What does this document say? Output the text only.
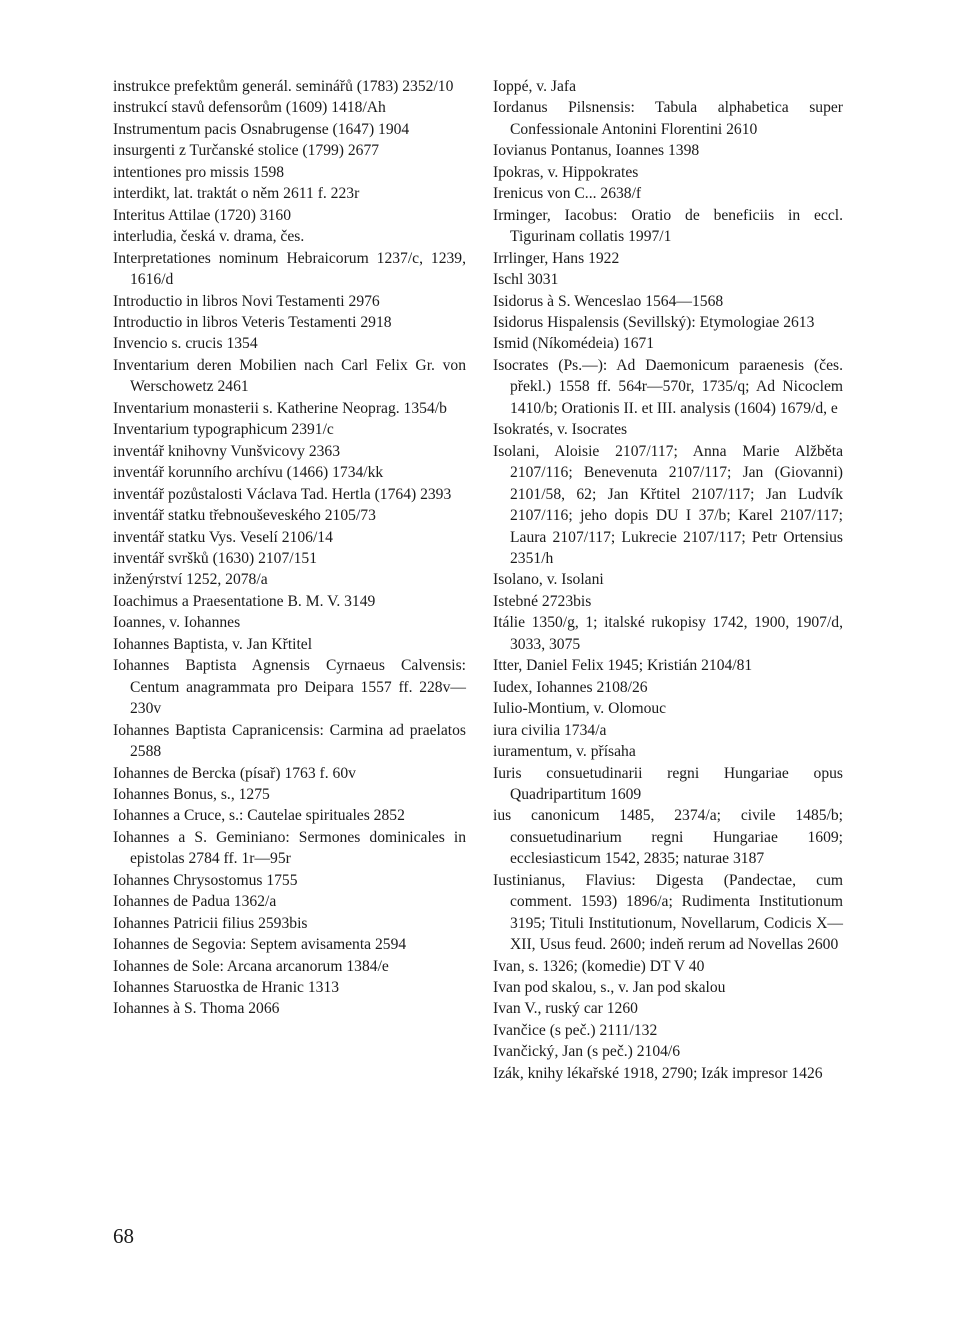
instrukce prefektům generál. seminářů (1783) 2352/10

instrukcí stavů defensorům (1609) 1418/Ah

Instrumentum pacis Osnabrugense (1647) 1904

insurgenti z Turčanské stolice (1799) 2677

intentiones pro missis 1598

interdikt, lat. traktát o něm 2611 f. 223r

Interitus Attilae (1720) 3160

interludia, česká v. drama, čes.

Interpretationes nominum Hebraicorum 1237/c, 1239, 1616/d

Introductio in libros Novi Testamenti 2976

Introductio in libros Veteris Testamenti 2918

Invencio s. crucis 1354

Inventarium deren Mobilien nach Carl Felix Gr. von Werschowetz 2461

Inventarium monasterii s. Katherine Neoprag. 1354/b

Inventarium typographicum 2391/c

inventář knihovny Vunšvicovy 2363

inventář korunního archívu (1466) 1734/kk

inventář pozůstalosti Václava Tad. Hertla (1764) 2393

inventář statku třebnouševeského 2105/73

inventář statku Vys. Veselí 2106/14

inventář svršků (1630) 2107/151

inženýrství 1252, 2078/a

Ioachimus a Praesentatione B. M. V. 3149

Ioannes, v. Iohannes

Iohannes Baptista, v. Jan Křtitel

Iohannes Baptista Agnensis Cyrnaeus Calvensis: Centum anagrammata pro Deipara 1557 ff. 228v—230v

Iohannes Baptista Capranicensis: Carmina ad praelatos 2588

Iohannes de Bercka (písař) 1763 f. 60v

Iohannes Bonus, s., 1275

Iohannes a Cruce, s.: Cautelae spirituales 2852

Iohannes a S. Geminiano: Sermones dominicales in epistolas 2784 ff. 1r—95r

Iohannes Chrysostomus 1755

Iohannes de Padua 1362/a

Iohannes Patricii filius 2593bis

Iohannes de Segovia: Septem avisamenta 2594

Iohannes de Sole: Arcana arcanorum 1384/e

Iohannes Staruostka de Hranic 1313

Iohannes à S. Thoma 2066

Ioppé, v. Jafa

Iordanus Pilsnensis: Tabula alphabetica super Confessionale Antonini Florentini 2610

Iovianus Pontanus, Ioannes 1398

Ipokras, v. Hippokrates

Irenicus von C... 2638/f

Irminger, Iacobus: Oratio de beneficiis in eccl. Tigurinam collatis 1997/1

Irrlinger, Hans 1922

Ischl 3031

Isidorus à S. Wenceslao 1564—1568

Isidorus Hispalensis (Sevillský): Etymologiae 2613

Ismid (Níkomédeia) 1671

Isocrates (Ps.—): Ad Daemonicum paraenesis (čes. překl.) 1558 ff. 564r—570r, 1735/q; Ad Nicoclem 1410/b; Orationis II. et III. analysis (1604) 1679/d, e

Isokratés, v. Isocrates

Isolani, Aloisie 2107/117; Anna Marie Alžběta 2107/116; Benevenuta 2107/117; Jan (Giovanni) 2101/58, 62; Jan Křtitel 2107/117; Jan Ludvík 2107/116; jeho dopis DU I 37/b; Karel 2107/117; Laura 2107/117; Lukrecie 2107/117; Petr Ortensius 2351/h

Isolano, v. Isolani

Istebné 2723bis

Itálie 1350/g, 1; italské rukopisy 1742, 1900, 1907/d, 3033, 3075

Itter, Daniel Felix 1945; Kristián 2104/81

Iudex, Iohannes 2108/26

Iulio-Montium, v. Olomouc

iura civilia 1734/a

iuramentum, v. přísaha

Iuris consuetudinarii regni Hungariae opus Quadripartitum 1609

ius canonicum 1485, 2374/a; civile 1485/b; consuetudinarium regni Hungariae 1609; ecclesiasticum 1542, 2835; naturae 3187

Iustinianus, Flavius: Digesta (Pandectae, cum comment. 1593) 1896/a; Rudimenta Institutionum 3195; Tituli Institutionum, Novellarum, Codicis X—XII, Usus feud. 2600; indeň rerum ad Novellas 2600

Ivan, s. 1326; (komedie) DT V 40

Ivan pod skalou, s., v. Jan pod skalou

Ivan V., ruský car 1260

Ivančice (s peč.) 2111/132

Ivančický, Jan (s peč.) 2104/6

Izák, knihy lékařské 1918, 2790; Izák impresor 1426

68
